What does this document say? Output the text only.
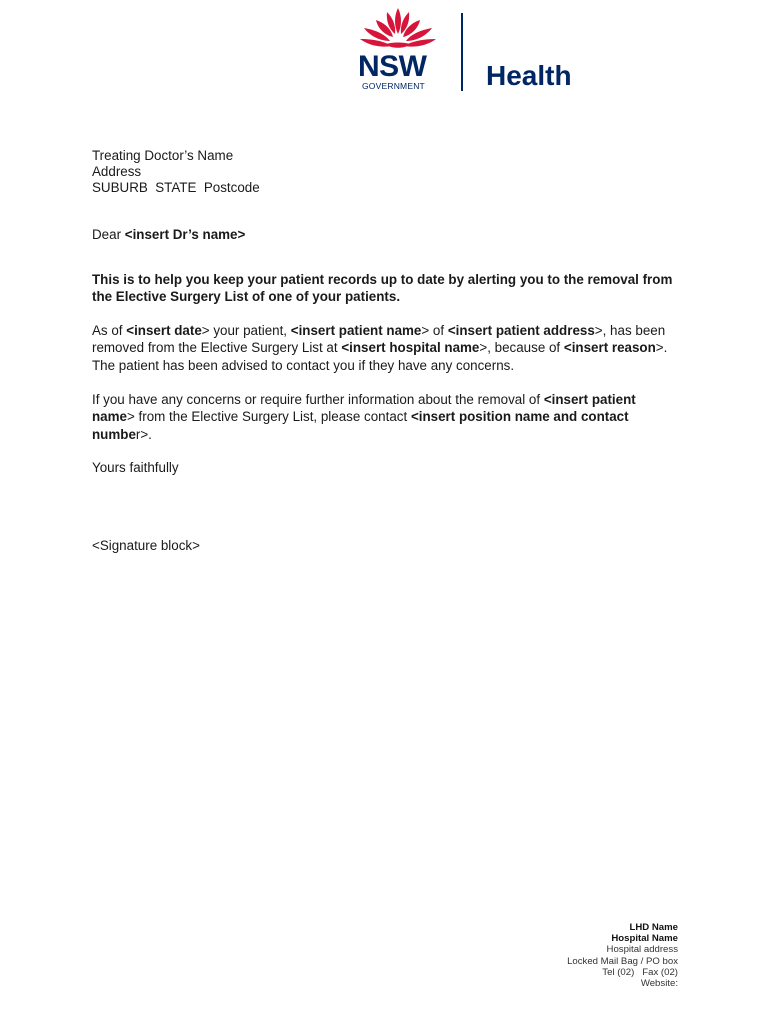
NSW
GOVERNMENT Health
Treating Doctor’s Name
Address
SUBURB  STATE  Postcode
Dear <insert Dr’s name>
This is to help you keep your patient records up to date by alerting you to the removal from the Elective Surgery List of one of your patients.
As of <insert date> your patient, <insert patient name> of <insert patient address>, has been removed from the Elective Surgery List at <insert hospital name>, because of <insert reason>.  The patient has been advised to contact you if they have any concerns.
If you have any concerns or require further information about the removal of <insert patient name> from the Elective Surgery List, please contact <insert position name and contact number>.
Yours faithfully
<Signature block>
LHD Name
Hospital Name
Hospital address
Locked Mail Bag / PO box
Tel (02)   Fax (02)
Website:
